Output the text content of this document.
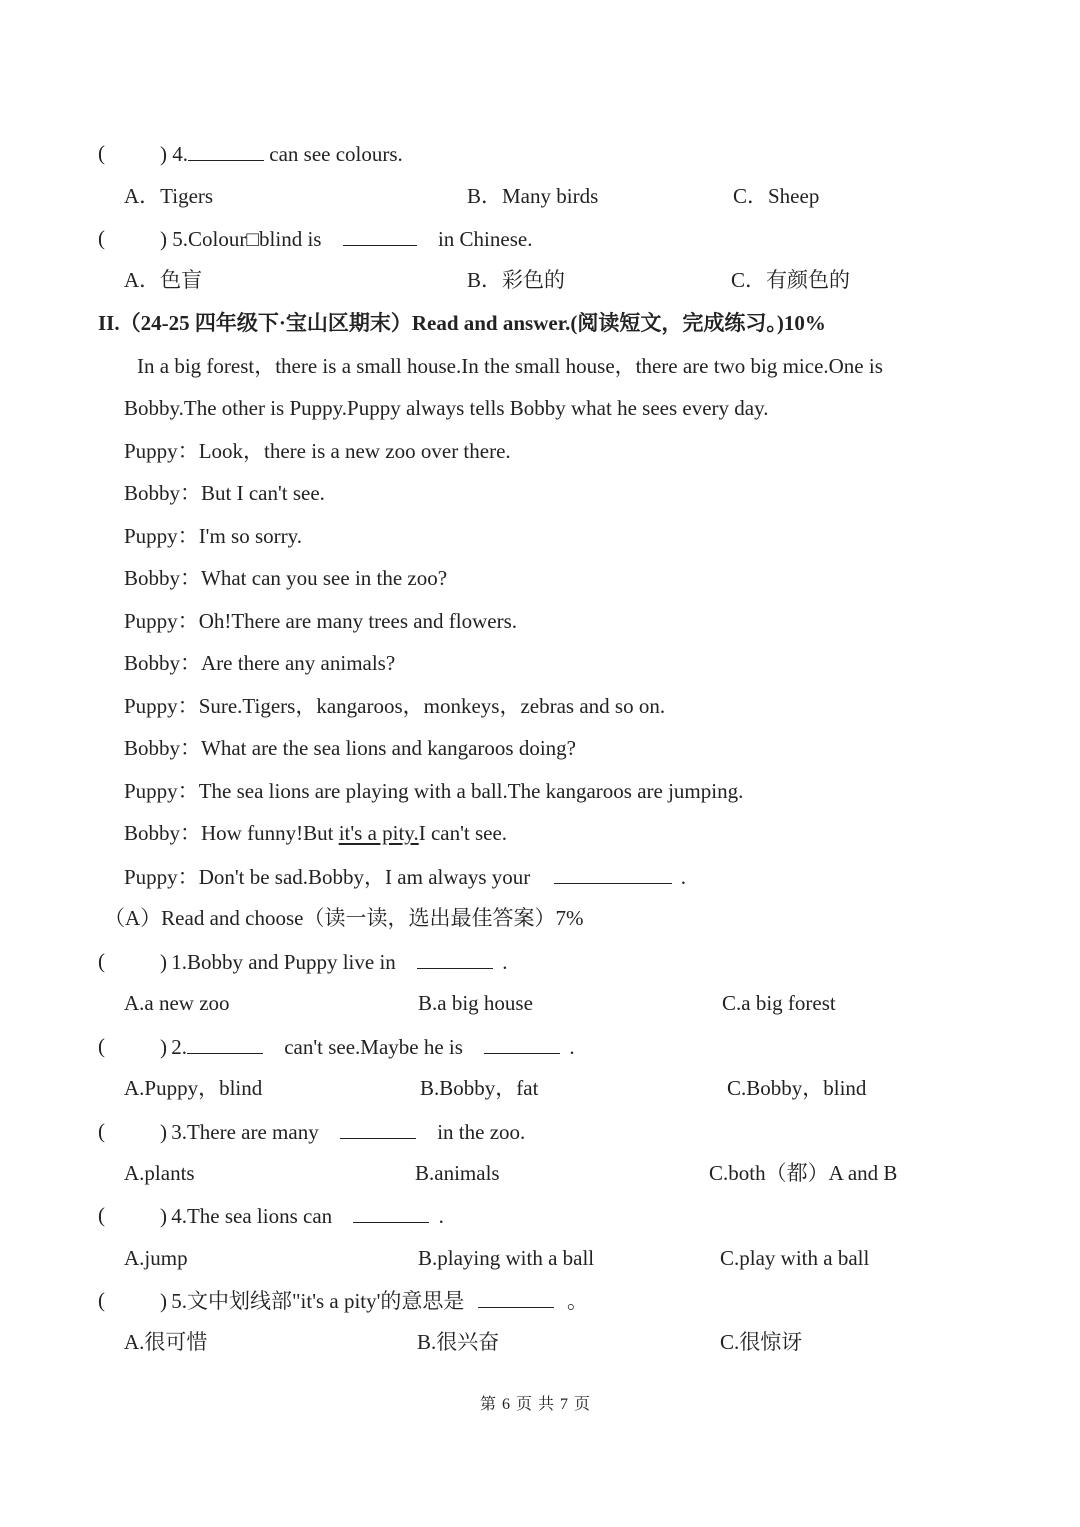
(	) 4.	can see colours.
A．Tigers	B．Many birds	C．Sheep
(	) 5.Colour□blind is	in Chinese.
A．色盲	B．彩色的	C．有颜色的
II.（24-25 四年级下·宝山区期末）Read and answer.(阅读短文，完成练习。)10%
In a big forest，there is a small house.In the small house，there are two big mice.One is
Bobby.The other is Puppy.Puppy always tells Bobby what he sees every day.
Puppy：Look，there is a new zoo over there.
Bobby：But I can't see.
Puppy：I'm so sorry.
Bobby：What can you see in the zoo?
Puppy：Oh!There are many trees and flowers.
Bobby：Are there any animals?
Puppy：Sure.Tigers，kangaroos，monkeys，zebras and so on.
Bobby：What are the sea lions and kangaroos doing?
Puppy：The sea lions are playing with a ball.The kangaroos are jumping.
Bobby：How funny!But it's a pity.I can't see.
Puppy：Don't be sad.Bobby，I am always your	.
（A）Read and choose（读一读，选出最佳答案）7%
(	) 1.Bobby and Puppy live in	.
A.a new zoo	B.a big house	C.a big forest
(	) 2.	can't see.Maybe he is	.
A.Puppy，blind	B.Bobby，fat	C.Bobby，blind
(	) 3.There are many	in the zoo.
A.plants	B.animals	C.both（都）A and B
(	) 4.The sea lions can	.
A.jump	B.playing with a ball	C.play with a ball
(	) 5.文中划线部"it's a pity'的意思是	。
A.很可惜	B.很兴奋	C.很惊讶
第 6 页 共 7 页
